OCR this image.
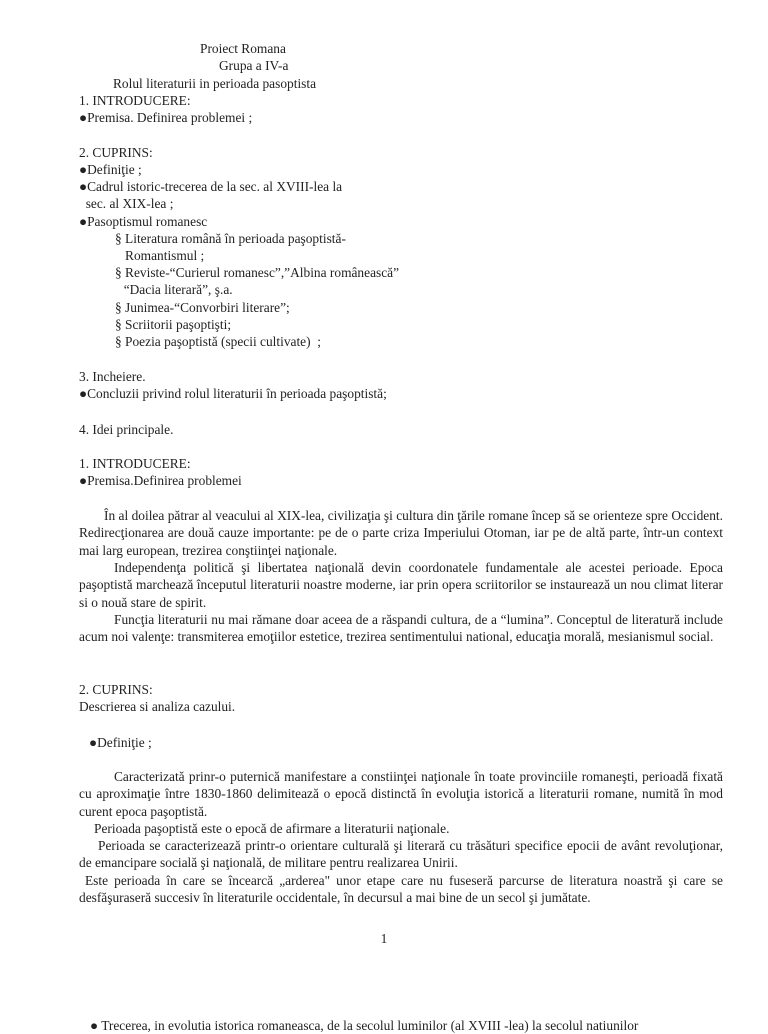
Proiect Romana
Grupa a IV-a
Rolul literaturii in perioada pasoptista
1. INTRODUCERE:
●Premisa. Definirea problemei ;
2. CUPRINS:
●Definiţie ;
●Cadrul istoric-trecerea de la sec. al XVIII-lea la
sec. al XIX-lea ;
●Pasoptismul romanesc
§ Literatura română în perioada paşoptistă-
Romantismul ;
§ Reviste-“Curierul romanesc”,”Albina românească”
“Dacia literară”, ş.a.
§ Junimea-“Convorbiri literare”;
§ Scriitorii paşoptişti;
§ Poezia paşoptistă (specii cultivate)  ;
3. Incheiere.
●Concluzii privind rolul literaturii în perioada paşoptistă;
4. Idei principale.
1. INTRODUCERE:
●Premisa.Definirea problemei
În al doilea pătrar al veacului al XIX-lea, civilizaţia şi cultura din ţările romane încep să se orienteze spre Occident. Redirecţionarea are două cauze importante: pe de o parte criza Imperiului Otoman, iar pe de altă parte, într-un context mai larg european, trezirea conştiinţei naţionale.
Independenţa politică şi libertatea naţională devin coordonatele fundamentale ale acestei perioade. Epoca paşoptistă marchează începutul literaturii noastre moderne, iar prin opera scriitorilor se instaurează un nou climat literar si o nouă stare de spirit.
Funcţia literaturii nu mai rămane doar aceea de a răspandi cultura, de a “lumina”. Conceptul de literatură include acum noi valenţe: transmiterea emoţiilor estetice, trezirea sentimentului national, educaţia morală, mesianismul social.
2. CUPRINS:
Descrierea si analiza cazului.
●Definiţie ;
Caracterizată prinr-o puternică manifestare a constiinţei naţionale în toate provinciile romaneşti, perioadă fixată cu aproximaţie între 1830-1860 delimitează o epocă distinctă în evoluţia istorică a literaturii romane, numită în mod curent epoca paşoptistă.
Perioada paşoptistă este o epocă de afirmare a literaturii naţionale.
Perioada se caracterizează printr-o orientare culturală şi literară cu trăsături specifice epocii de avânt revoluţionar, de emancipare socială şi naţională, de militare pentru realizarea Unirii.
Este perioada în care se încearcă „arderea" unor etape care nu fuseseră parcurse de literatura noastră şi care se desfăşuraseră succesiv în literaturile occidentale, în decursul a mai bine de un secol şi jumătate.
1
● Trecerea, in evolutia istorica romaneasca, de la secolul luminilor (al XVIII -lea) la secolul natiunilor
